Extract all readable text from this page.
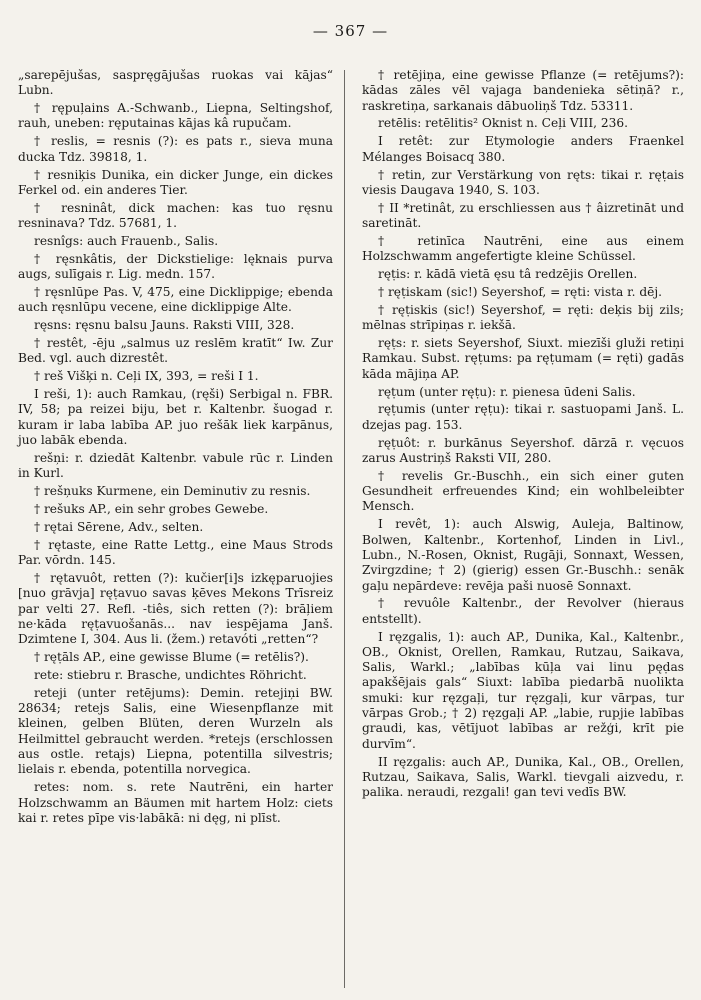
— 367 —

„sarepējušas, saspręgājušas ruokas vai kājas“ Lubn.

† rępuļains A.-Schwanb., Liepna, Seltingshof, rauh, uneben: ręputainas kājas kâ rupučam.

† reslis, = resnis (?): es pats r., sieva muna ducka Tdz. 39818, 1.

† resniķis Dunika, ein dicker Junge, ein dickes Ferkel od. ein anderes Tier.

† resninât, dick machen: kas tuo ręsnu resninava? Tdz. 57681, 1.

resnîgs: auch Frauenb., Salis.

† ręsnkâtis, der Dickstielige: lęknais purva augs, sulīgais r. Lig. medn. 157.

† ręsnlūpe Pas. V, 475, eine Dicklippige; ebenda auch ręsnlūpu vecene, eine dicklippige Alte.

ręsns: ręsnu balsu Jauns. Raksti VIII, 328.

† restêt, -ēju „salmus uz reslēm kratīt“ Iw. Zur Bed. vgl. auch dizrestêt.

† reš Višķi n. Ceļi IX, 393, = reši I 1.

I reši, 1): auch Ramkau, (ręši) Serbigal n. FBR. IV, 58; pa reizei biju, bet r. Kaltenbr. šuogad r. kuram ir laba labība AP. juo rešāk liek karpānus, juo labāk ebenda.

rešņi: r. dziedāt Kaltenbr. vabule rūc r. Linden in Kurl.

† rešņuks Kurmene, ein Deminutiv zu resnis.

† rešuks AP., ein sehr grobes Gewebe.

† rętai Sērene, Adv., selten.

† rętaste, eine Ratte Lettg., eine Maus Strods Par. vōrdn. 145.

† rętavuôt, retten (?): kučier[i]s izkęparuojies [nuo grāvja] ręṭavuo savas ķēves Mekons Trīsreiz par velti 27. Refl. -tiês, sich retten (?): brāļiem ne·kāda ręṭavuošanās... nav iespējama Janš. Dzimtene I, 304. Aus li. (žem.) retavóti „retten“?

† ręṭāls AP., eine gewisse Blume (= retēlis?).

rete: stiebru r. Brasche, undichtes Röhricht.

reteji (unter retējums): Demin. retejiņi BW. 28634; retejs Salis, eine Wiesenpflanze mit kleinen, gelben Blüten, deren Wurzeln als Heilmittel gebraucht werden. *retejs (erschlossen aus ostle. retajs) Liepna, potentilla silvestris; lielais r. ebenda, potentilla norvegica.

retes: nom. s. rete Nautrēni, ein harter Holzschwamm an Bäumen mit hartem Holz: ciets kai r. retes pīpe vis·labākā: ni dęg, ni plīst.

† retējiņa, eine gewisse Pflanze (= retējums?): kādas zāles vēl vajaga bandenieka sētiņā? r., raskretiņa, sarkanais dābuoliņš Tdz. 53311.

retēlis: retēlitis² Oknist n. Ceļi VIII, 236.

I retêt: zur Etymologie anders Fraenkel Mélanges Boisacq 380.

† retin, zur Verstärkung von ręts: tikai r. ręṭais viesis Daugava 1940, S. 103.

† II *retinât, zu erschliessen aus † âizretināt und saretināt.

† retinīca Nautrēni, eine aus einem Holzschwamm angefertigte kleine Schüssel.

ręṭis: r. kādā vietā ęsu tâ redzējis Orellen.

† ręṭiskam (sic!) Seyershof, = ręti: vista r. dēj.

† ręṭiskis (sic!) Seyershof, = ręti: deķis bij zils; mēlnas strīpiņas r. iekšā.

ręṭs: r. siets Seyershof, Siuxt. miezīši gluži retiņi Ramkau. Subst. ręṭums: pa ręṭumam (= ręti) gadās kāda mājiņa AP.

ręṭum (unter ręṭu): r. pienesa ūdeni Salis.

ręṭumis (unter ręṭu): tikai r. sastuopami Janš. L. dzejas pag. 153.

ręṭuôt: r. burkānus Seyershof. dārzā r. vęcuos zarus Austriņš Raksti VII, 280.

† revelis Gr.-Buschh., ein sich einer guten Gesundheit erfreuendes Kind; ein wohlbeleibter Mensch.

I revêt, 1): auch Alswig, Auleja, Baltinow, Bolwen, Kaltenbr., Kortenhof, Linden in Livl., Lubn., N.-Rosen, Oknist, Rugāji, Sonnaxt, Wessen, Zvirgzdine; † 2) (gierig) essen Gr.-Buschh.: senāk gaļu nepārdeve: revēja paši nuosē Sonnaxt.

† revuôle Kaltenbr., der Revolver (hieraus entstellt).

I ręzgalis, 1): auch AP., Dunika, Kal., Kaltenbr., OB., Oknist, Orellen, Ramkau, Rutzau, Saikava, Salis, Warkl.; „labības kūļa vai linu pęḍas apakšējais gals“ Siuxt: labība piedarbā nuolikta smuki: kur ręzgaļi, tur ręzgaļi, kur vārpas, tur vārpas Grob.; † 2) ręzgaļi AP. „labie, rupjie labības graudi, kas, vētījuot labības ar režģi, krīt pie durvīm“.

II ręzgalis: auch AP., Dunika, Kal., OB., Orellen, Rutzau, Saikava, Salis, Warkl. tievgali aizvedu, r. palika. neraudi, rezgali! gan tevi vedīs BW.
